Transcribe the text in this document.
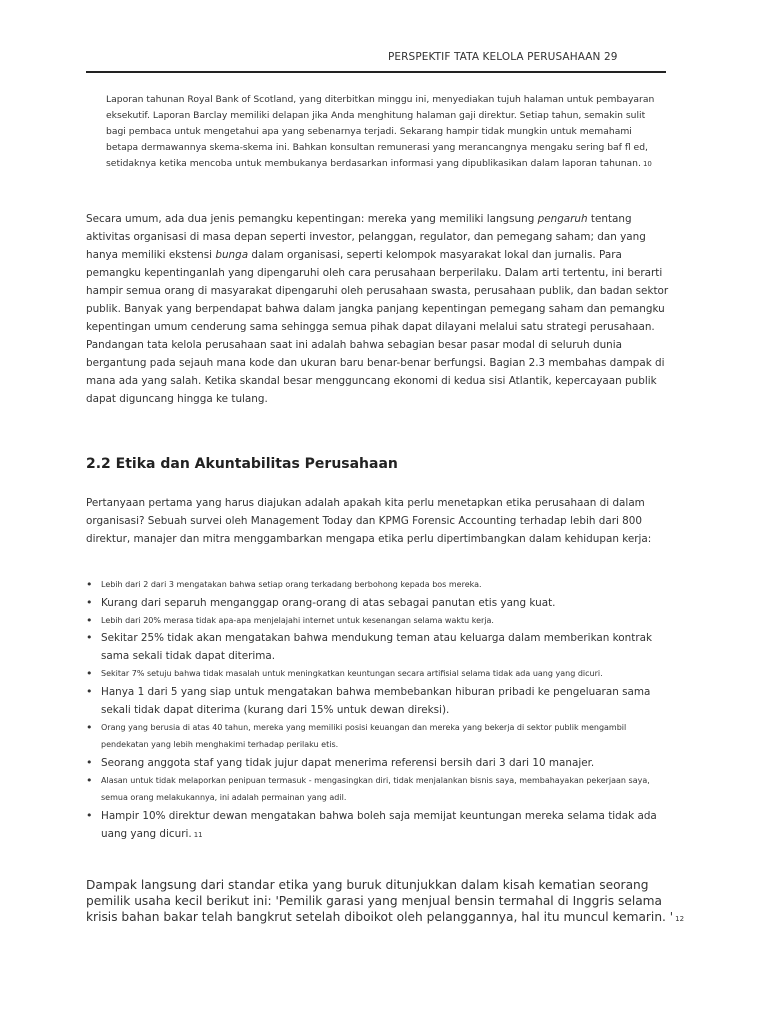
PERSPEKTIF TATA KELOLA PERUSAHAAN 29
Laporan tahunan Royal Bank of Scotland, yang diterbitkan minggu ini, menyediakan tujuh halaman untuk pembayaran eksekutif. Laporan Barclay memiliki delapan jika Anda menghitung halaman gaji direktur. Setiap tahun, semakin sulit bagi pembaca untuk mengetahui apa yang sebenarnya terjadi. Sekarang hampir tidak mungkin untuk memahami betapa dermawannya skema-skema ini. Bahkan konsultan remunerasi yang merancangnya mengaku sering baf fl ed, setidaknya ketika mencoba untuk membukanya berdasarkan informasi yang dipublikasikan dalam laporan tahunan. 10
Secara umum, ada dua jenis pemangku kepentingan: mereka yang memiliki langsung pengaruh tentang aktivitas organisasi di masa depan seperti investor, pelanggan, regulator, dan pemegang saham; dan yang hanya memiliki ekstensi bunga dalam organisasi, seperti kelompok masyarakat lokal dan jurnalis. Para pemangku kepentinganlah yang dipengaruhi oleh cara perusahaan berperilaku. Dalam arti tertentu, ini berarti hampir semua orang di masyarakat dipengaruhi oleh perusahaan swasta, perusahaan publik, dan badan sektor publik. Banyak yang berpendapat bahwa dalam jangka panjang kepentingan pemegang saham dan pemangku kepentingan umum cenderung sama sehingga semua pihak dapat dilayani melalui satu strategi perusahaan. Pandangan tata kelola perusahaan saat ini adalah bahwa sebagian besar pasar modal di seluruh dunia bergantung pada sejauh mana kode dan ukuran baru benar-benar berfungsi. Bagian 2.3 membahas dampak di mana ada yang salah. Ketika skandal besar mengguncang ekonomi di kedua sisi Atlantik, kepercayaan publik dapat diguncang hingga ke tulang.
2.2 Etika dan Akuntabilitas Perusahaan
Pertanyaan pertama yang harus diajukan adalah apakah kita perlu menetapkan etika perusahaan di dalam organisasi? Sebuah survei oleh Management Today dan KPMG Forensic Accounting terhadap lebih dari 800 direktur, manajer dan mitra menggambarkan mengapa etika perlu dipertimbangkan dalam kehidupan kerja:
• Lebih dari 2 dari 3 mengatakan bahwa setiap orang terkadang berbohong kepada bos mereka.
• Kurang dari separuh menganggap orang-orang di atas sebagai panutan etis yang kuat.
• Lebih dari 20% merasa tidak apa-apa menjelajahi internet untuk kesenangan selama waktu kerja.
• Sekitar 25% tidak akan mengatakan bahwa mendukung teman atau keluarga dalam memberikan kontrak sama sekali tidak dapat diterima.
• Sekitar 7% setuju bahwa tidak masalah untuk meningkatkan keuntungan secara artifisial selama tidak ada uang yang dicuri.
• Hanya 1 dari 5 yang siap untuk mengatakan bahwa membebankan hiburan pribadi ke pengeluaran sama sekali tidak dapat diterima (kurang dari 15% untuk dewan direksi).
• Orang yang berusia di atas 40 tahun, mereka yang memiliki posisi keuangan dan mereka yang bekerja di sektor publik mengambil pendekatan yang lebih menghakimi terhadap perilaku etis.
• Seorang anggota staf yang tidak jujur dapat menerima referensi bersih dari 3 dari 10 manajer.
• Alasan untuk tidak melaporkan penipuan termasuk - mengasingkan diri, tidak menjalankan bisnis saya, membahayakan pekerjaan saya, semua orang melakukannya, ini adalah permainan yang adil.
• Hampir 10% direktur dewan mengatakan bahwa boleh saja memijat keuntungan mereka selama tidak ada uang yang dicuri. 11
Dampak langsung dari standar etika yang buruk ditunjukkan dalam kisah kematian seorang pemilik usaha kecil berikut ini: 'Pemilik garasi yang menjual bensin termahal di Inggris selama krisis bahan bakar telah bangkrut setelah diboikot oleh pelanggannya, hal itu muncul kemarin. ' 12
